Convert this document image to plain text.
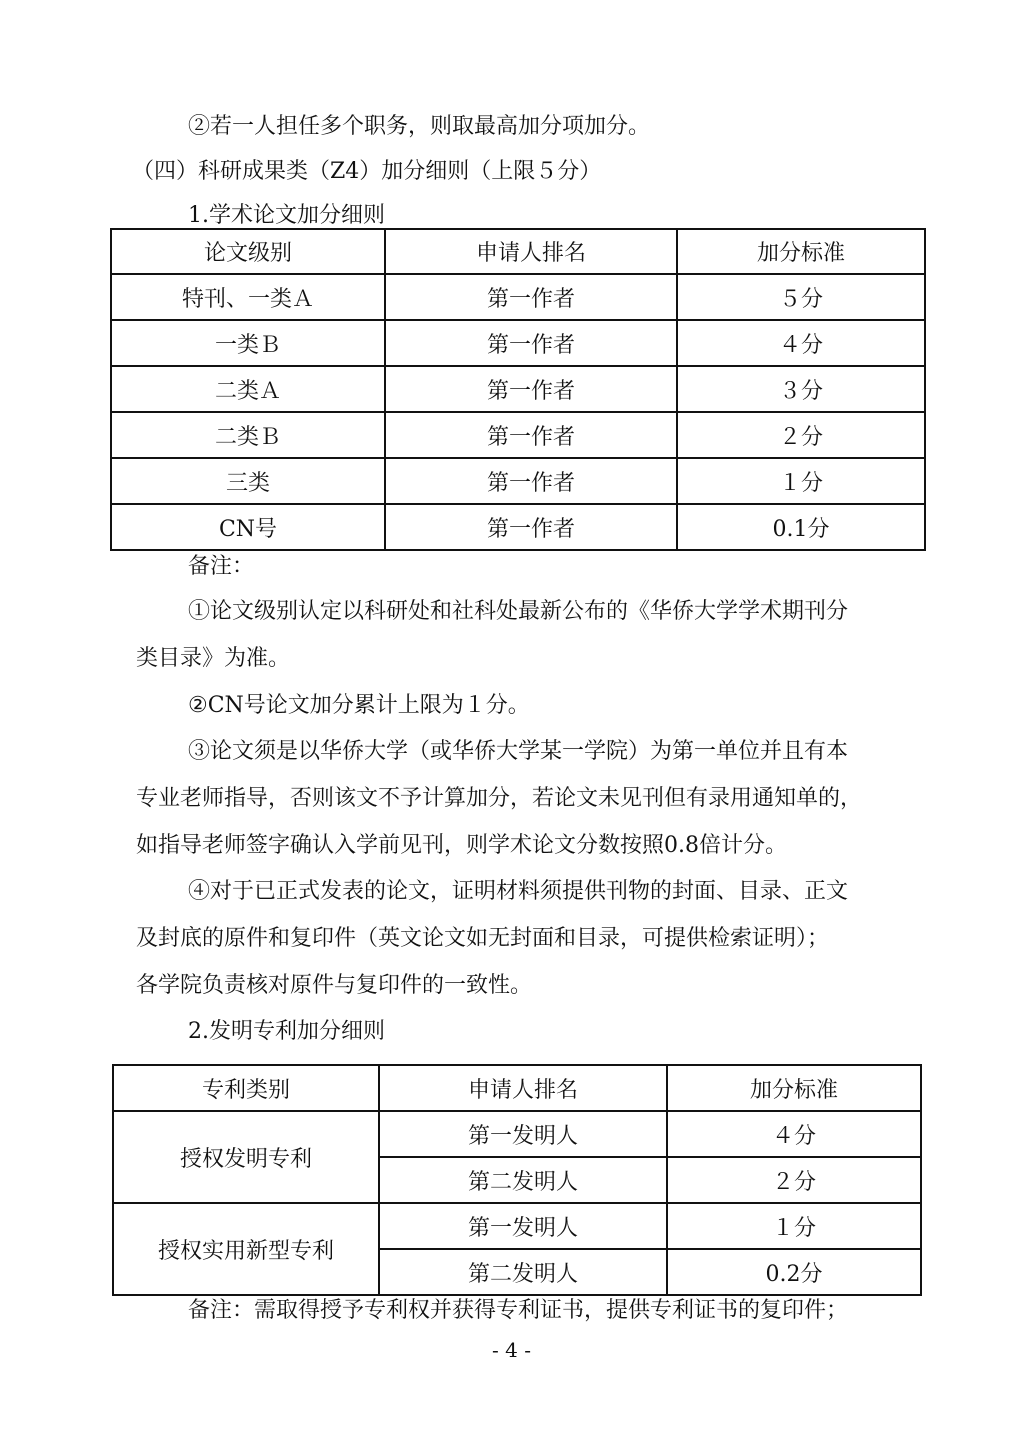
②若一人担任多个职务，则取最高加分项加分。
（四）科研成果类（Z4）加分细则（上限５分）
1.学术论文加分细则
论文级别	申请人排名	加分标准
特刊、一类Ａ	第一作者	５分
一类Ｂ	第一作者	４分
二类Ａ	第一作者	３分
二类Ｂ	第一作者	２分
三类	第一作者	１分
CN号	第一作者	0.1分
备注：
①论文级别认定以科研处和社科处最新公布的《华侨大学学术期刊分
类目录》为准。
②CN号论文加分累计上限为１分。
③论文须是以华侨大学（或华侨大学某一学院）为第一单位并且有本
专业老师指导，否则该文不予计算加分，若论文未见刊但有录用通知单的，
如指导老师签字确认入学前见刊，则学术论文分数按照0.8倍计分。
④对于已正式发表的论文，证明材料须提供刊物的封面、目录、正文
及封底的原件和复印件（英文论文如无封面和目录，可提供检索证明）；
各学院负责核对原件与复印件的一致性。
2.发明专利加分细则
专利类别	申请人排名	加分标准
授权发明专利	第一发明人	４分
	第二发明人	２分
授权实用新型专利	第一发明人	１分
	第二发明人	0.2分
备注：需取得授予专利权并获得专利证书，提供专利证书的复印件；
- 4 -
